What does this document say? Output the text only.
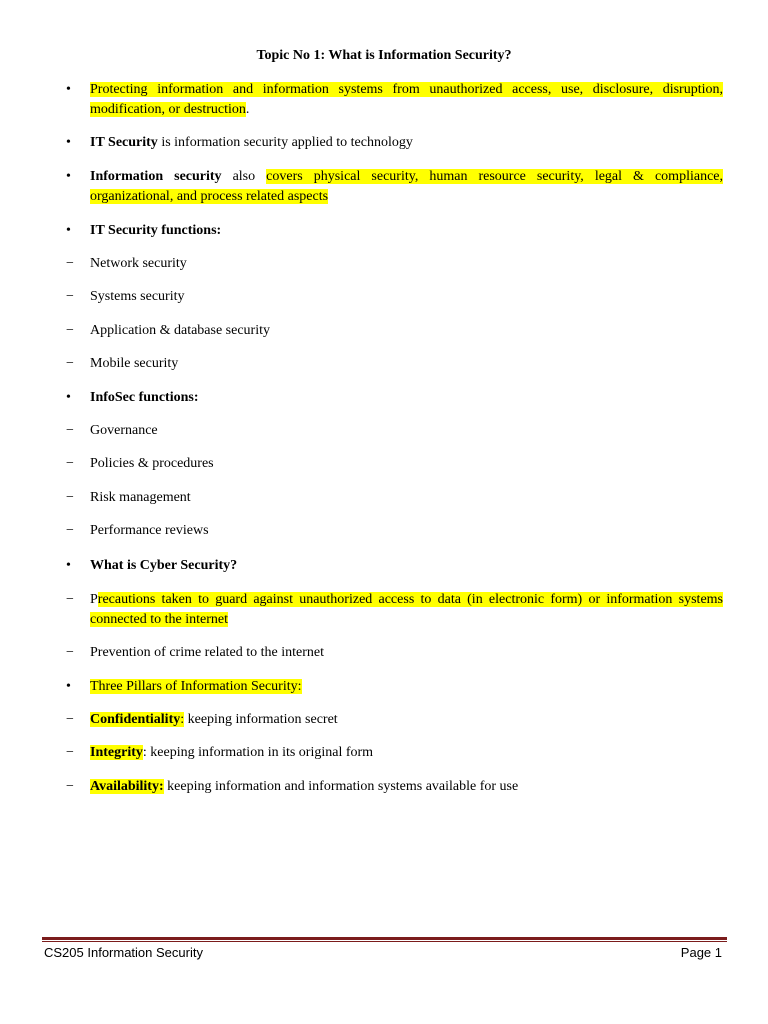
Topic No 1: What is Information Security?
•	Protecting information and information systems from unauthorized access, use, disclosure, disruption, modification, or destruction.
•	IT Security is information security applied to technology
•	Information security also covers physical security, human resource security, legal & compliance, organizational, and process related aspects
•	IT Security functions:
−	Network security
−	Systems security
−	Application & database security
−	Mobile security
•	InfoSec functions:
−	Governance
−	Policies & procedures
−	Risk management
−	Performance reviews
•	What is Cyber Security?
−	Precautions taken to guard against unauthorized access to data (in electronic form) or information systems connected to the internet
−	Prevention of crime related to the internet
•	Three Pillars of Information Security:
−	Confidentiality: keeping information secret
−	Integrity: keeping information in its original form
−	Availability: keeping information and information systems available for use
CS205 Information Security	Page 1
